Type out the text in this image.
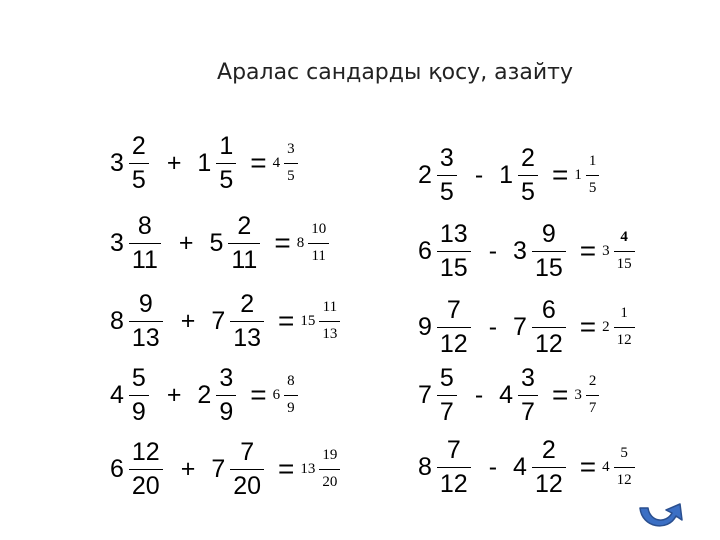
Аралас сандарды қосу, азайту
$3 \frac{2}{5} + 1 \frac{1}{5} = 4 \frac{3}{5}$
$3 \frac{8}{11} + 5 \frac{2}{11} = 8 \frac{10}{11}$
$8 \frac{9}{13} + 7 \frac{2}{13} = 15 \frac{11}{13}$
$4 \frac{5}{9} + 2 \frac{3}{9} = 6 \frac{8}{9}$
$6 \frac{12}{20} + 7 \frac{7}{20} = 13 \frac{19}{20}$
$2 \frac{3}{5} - 1 \frac{2}{5} = 1 \frac{1}{5}$
$6 \frac{13}{15} - 3 \frac{9}{15} = 3 \frac{4}{15}$
$9 \frac{7}{12} - 7 \frac{6}{12} = 2 \frac{1}{12}$
$7 \frac{5}{7} - 4 \frac{3}{7} = 3 \frac{2}{7}$
$8 \frac{7}{12} - 4 \frac{2}{12} = 4 \frac{5}{12}$
